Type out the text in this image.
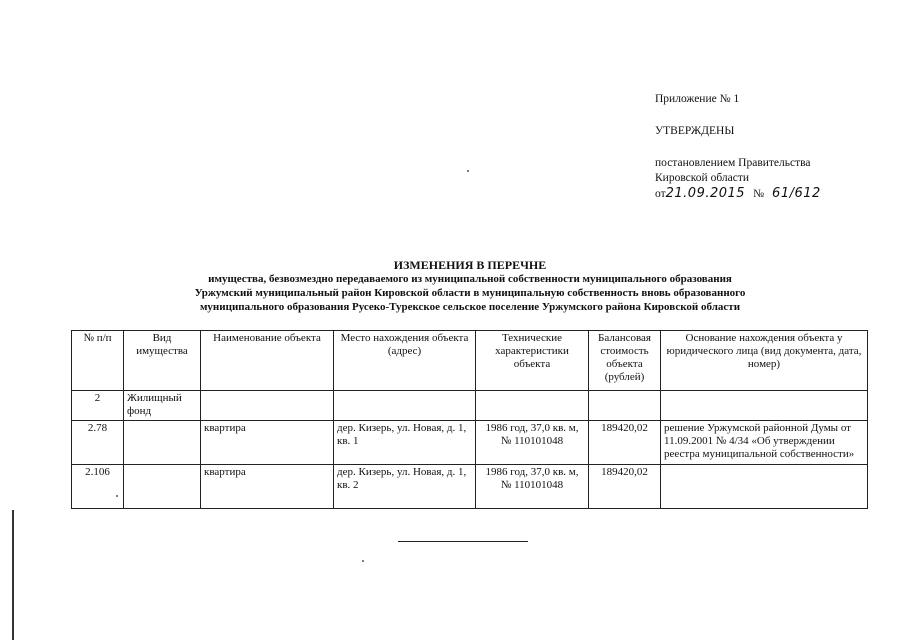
Приложение № 1
УТВЕРЖДЕНЫ
постановлением Правительства
Кировской области
от 21.09.2015 № 61/612
ИЗМЕНЕНИЯ В ПЕРЕЧНЕ
имущества, безвозмездно передаваемого из муниципальной собственности муниципального образования
Уржумский муниципальный район Кировской области в муниципальную собственность вновь образованного
муниципального образования Русеко-Турекское сельское поселение Уржумского района Кировской области
№ п/п	Вид имущества	Наименование объекта	Место нахождения объекта (адрес)	Технические характеристики объекта	Балансовая стоимость объекта (рублей)	Основание нахождения объекта у юридического лица (вид документа, дата, номер)
2	Жилищный фонд					
2.78		квартира	дер. Кизерь, ул. Новая, д. 1, кв. 1	1986 год, 37,0 кв. м, № 110101048	189420,02	решение Уржумской районной Думы от 11.09.2001 № 4/34 «Об утверждении реестра муниципальной собственности»
2.106		квартира	дер. Кизерь, ул. Новая, д. 1, кв. 2	1986 год, 37,0 кв. м, № 110101048	189420,02	
